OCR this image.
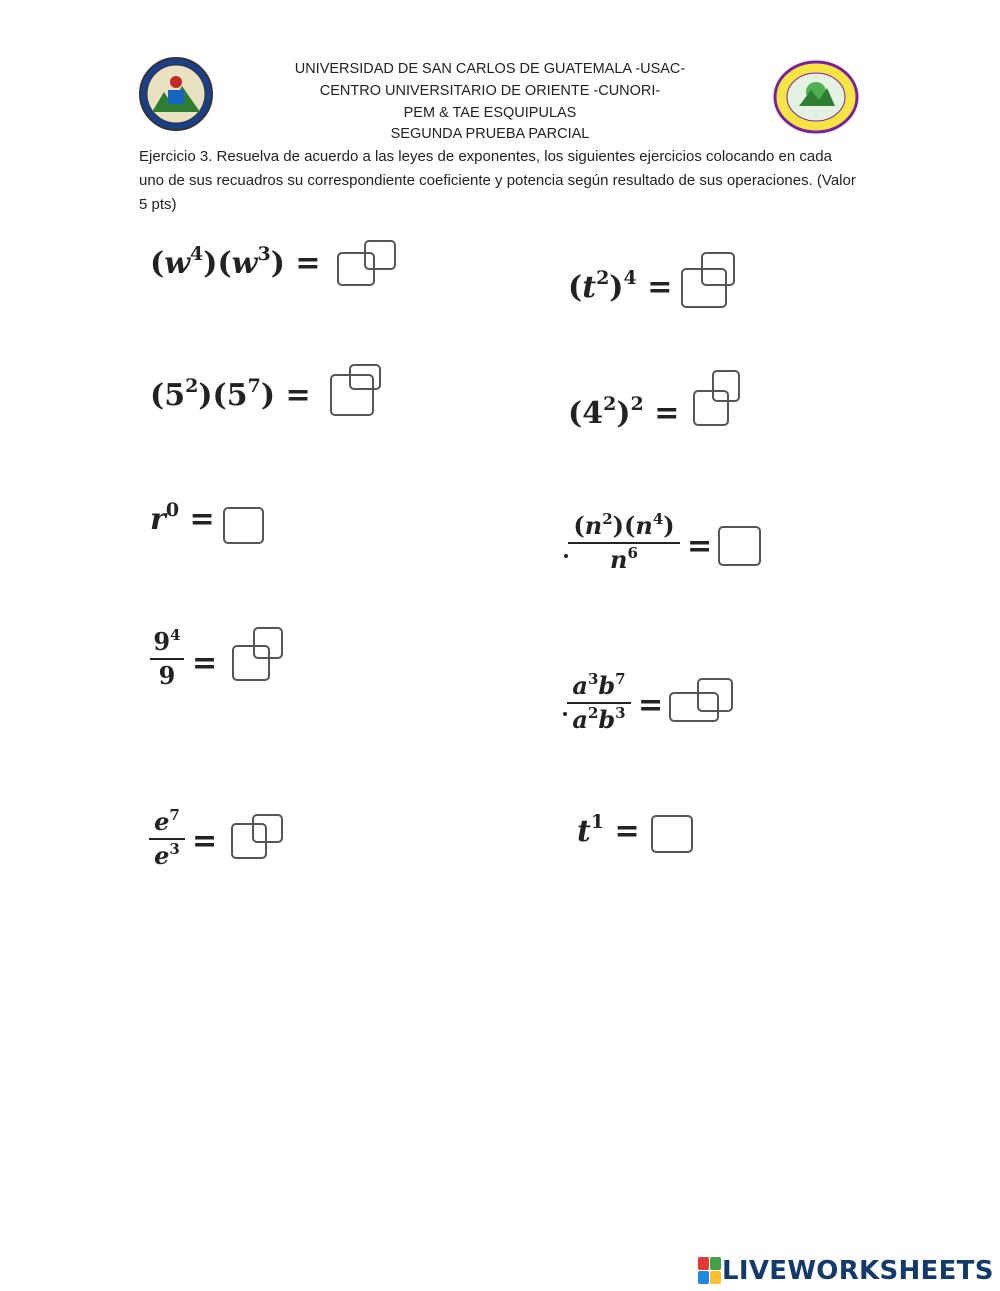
UNIVERSIDAD DE SAN CARLOS DE GUATEMALA -USAC-
CENTRO UNIVERSITARIO DE ORIENTE -CUNORI-
PEM & TAE ESQUIPULAS
SEGUNDA PRUEBA PARCIAL
Ejercicio 3. Resuelva de acuerdo a las leyes de exponentes, los siguientes ejercicios colocando en cada uno de sus recuadros su correspondiente coeficiente y potencia según resultado de sus operaciones. (Valor 5 pts)
$(w^4)(w^3)$ =
$(t^2)^4$ =
$(5^2)(5^7)$ =
$(4^2)^2$ =
$r^0$ =	$(n^2)(n^4)$
$n^6$	=
$9^4$
9 =
$a^3b^7$
$a^2b^3$ =
$e^7$
$e^3$ =	$t^1$ =
LIVEWORKSHEETS
